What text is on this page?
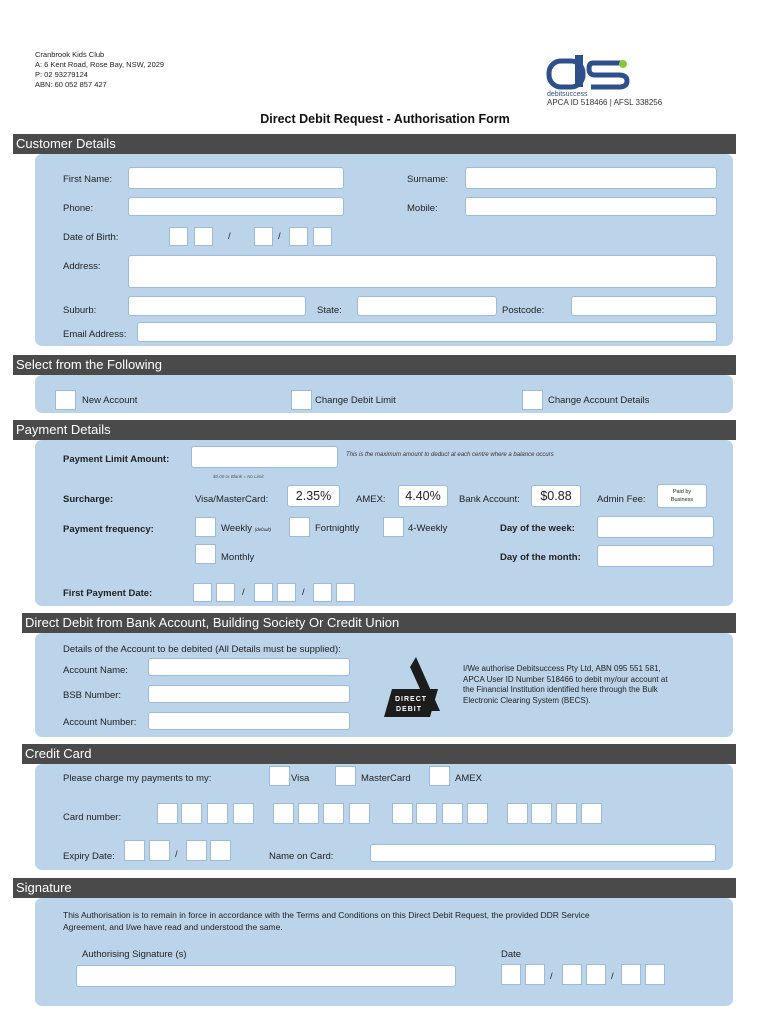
Cranbrook Kids Club
A: 6 Kent Road, Rose Bay, NSW, 2029
P: 02 93279124
ABN: 60 052 857 427
debitsuccess
APCA ID 518466 | AFSL 338256
Direct Debit Request - Authorisation Form
Customer Details
First Name:	Surname:
Phone:	Mobile:
Date of Birth:	/	/
Address:
Suburb:	State:	Postcode:
Email Address:
Select from the Following
New Account	Change Debit Limit	Change Account Details
Payment Details
Payment Limit Amount:	This is the maximum amount to deduct at each centre where a balance occurs
$0.00 or Blank = No Limit
Surcharge:	Visa/MasterCard:	2.35%	AMEX:	4.40%	Bank Account:	$0.88	Admin Fee:
Paid by
Business
Payment frequency:	Weekly (default)	Fortnightly	4-Weekly	Day of the week:
Monthly	Day of the month:
First Payment Date:	/	/
Direct Debit from Bank Account, Building Society Or Credit Union
Details of the Account to be debited (All Details must be supplied):
Account Name:
BSB Number:
Account Number:
DIRECT
DEBIT
I/We authorise Debitsuccess Pty Ltd, ABN 095 551 581,
APCA User ID Number 518466 to debit my/our account at
the Financial Institution identified here through the Bulk
Electronic Clearing System (BECS).
Credit Card
Please charge my payments to my:	Visa	MasterCard	AMEX
Card number:
Expiry Date:	/	Name on Card:
Signature
This Authorisation is to remain in force in accordance with the Terms and Conditions on this Direct Debit Request, the provided DDR Service
Agreement, and I/we have read and understood the same.
Authorising Signature (s)	Date
/	/
